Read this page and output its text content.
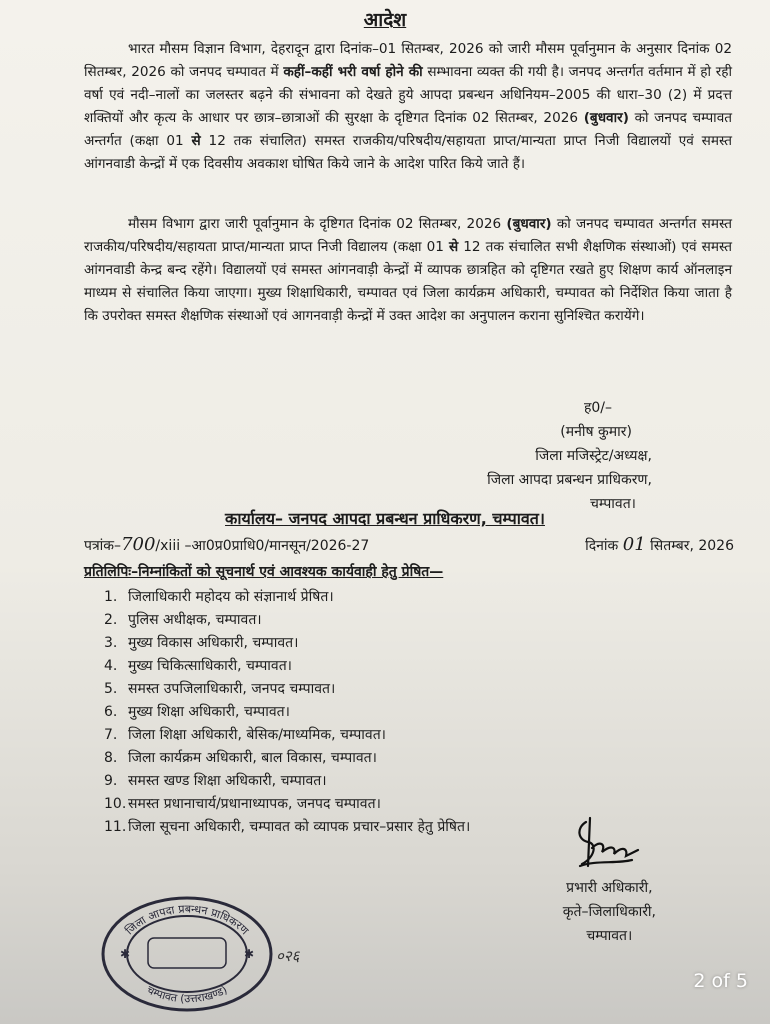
आदेश
भारत मौसम विज्ञान विभाग, देहरादून द्वारा दिनांक–01 सितम्बर, 2026 को जारी मौसम पूर्वानुमान के अनुसार दिनांक 02 सितम्बर, 2026 को जनपद चम्पावत में कहीं–कहीं भरी वर्षा होने की सम्भावना व्यक्त की गयी है। जनपद अन्तर्गत वर्तमान में हो रही वर्षा एवं नदी–नालों का जलस्तर बढ़ने की संभावना को देखते हुये आपदा प्रबन्धन अधिनियम–2005 की धारा–30 (2) में प्रदत्त शक्तियों और कृत्य के आधार पर छात्र–छात्राओं की सुरक्षा के दृष्टिगत दिनांक 02 सितम्बर, 2026 (बुधवार) को जनपद चम्पावत अन्तर्गत (कक्षा 01 से 12 तक संचालित) समस्त राजकीय/परिषदीय/सहायता प्राप्त/मान्यता प्राप्त निजी विद्यालयों एवं समस्त आंगनवाडी केन्द्रों में एक दिवसीय अवकाश घोषित किये जाने के आदेश पारित किये जाते हैं।
मौसम विभाग द्वारा जारी पूर्वानुमान के दृष्टिगत दिनांक 02 सितम्बर, 2026 (बुधवार) को जनपद चम्पावत अन्तर्गत समस्त राजकीय/परिषदीय/सहायता प्राप्त/मान्यता प्राप्त निजी विद्यालय (कक्षा 01 से 12 तक संचालित सभी शैक्षणिक संस्थाओं) एवं समस्त आंगनवाडी केन्द्र बन्द रहेंगे। विद्यालयों एवं समस्त आंगनवाड़ी केन्द्रों में व्यापक छात्रहित को दृष्टिगत रखते हुए शिक्षण कार्य ऑनलाइन माध्यम से संचालित किया जाएगा। मुख्य शिक्षाधिकारी, चम्पावत एवं जिला कार्यक्रम अधिकारी, चम्पावत को निर्देशित किया जाता है कि उपरोक्त समस्त शैक्षणिक संस्थाओं एवं आगनवाड़ी केन्द्रों में उक्त आदेश का अनुपालन कराना सुनिश्चित करायेंगे।
ह0/–
(मनीष कुमार)
जिला मजिस्ट्रेट/अध्यक्ष,
जिला आपदा प्रबन्धन प्राधिकरण,
चम्पावत।
कार्यालय– जनपद आपदा प्रबन्धन प्राधिकरण, चम्पावत।
पत्रांक–700/xiii –आ0प्र0प्राधि0/मानसून/2026-27	दिनांक 01 सितम्बर, 2026
प्रतिलिपिः–निम्नांकितों को सूचनार्थ एवं आवश्यक कार्यवाही हेतु प्रेषित—
1. जिलाधिकारी महोदय को संज्ञानार्थ प्रेषित।
2. पुलिस अधीक्षक, चम्पावत।
3. मुख्य विकास अधिकारी, चम्पावत।
4. मुख्य चिकित्साधिकारी, चम्पावत।
5. समस्त उपजिलाधिकारी, जनपद चम्पावत।
6. मुख्य शिक्षा अधिकारी, चम्पावत।
7. जिला शिक्षा अधिकारी, बेसिक/माध्यमिक, चम्पावत।
8. जिला कार्यक्रम अधिकारी, बाल विकास, चम्पावत।
9. समस्त खण्ड शिक्षा अधिकारी, चम्पावत।
10. समस्त प्रधानाचार्य/प्रधानाध्यापक, जनपद चम्पावत।
11. जिला सूचना अधिकारी, चम्पावत को व्यापक प्रचार–प्रसार हेतु प्रेषित।
प्रभारी अधिकारी,
कृते–जिलाधिकारी,
चम्पावत।
जिला आपदा प्रबन्धन प्राधिकरण
चम्पावत (उत्तराखण्ड)
✱	✱ ०२६
2 of 5
